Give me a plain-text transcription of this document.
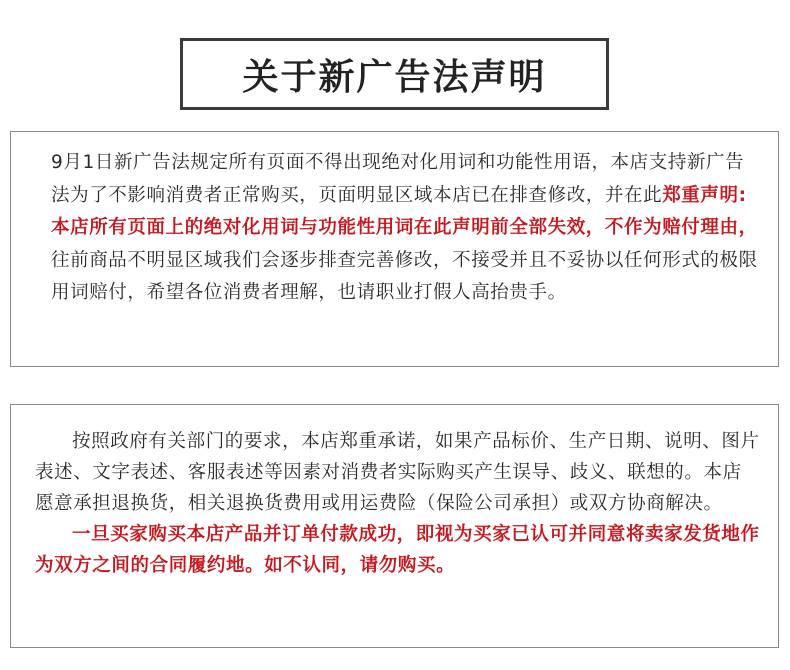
关于新广告法声明

9月1日新广告法规定所有页面不得出现绝对化用词和功能性用语，本店支持新广告法为了不影响消费者正常购买，页面明显区域本店已在排查修改，并在此郑重声明:本店所有页面上的绝对化用词与功能性用词在此声明前全部失效，不作为赔付理由，往前商品不明显区域我们会逐步排查完善修改，不接受并且不妥协以任何形式的极限用词赔付，希望各位消费者理解，也请职业打假人高抬贵手。

按照政府有关部门的要求，本店郑重承诺，如果产品标价、生产日期、说明、图片表述、文字表述、客服表述等因素对消费者实际购买产生误导、歧义、联想的。本店愿意承担退换货，相关退换货费用或用运费险（保险公司承担）或双方协商解决。

一旦买家购买本店产品并订单付款成功，即视为买家已认可并同意将卖家发货地作为双方之间的合同履约地。如不认同，请勿购买。
